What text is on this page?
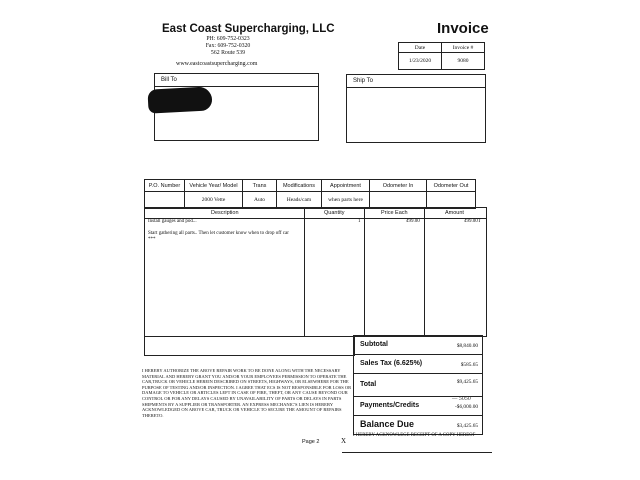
East Coast Supercharging, LLC
PH: 609-752-0323
Fax: 609-752-0320
562 Route 539
www.eastcoastsupercharging.com
Invoice
Date	Invoice #
1/23/2020	9080
Bill To	Ship To
P.O. Number	Vehicle Year/ Model	Trans	Modifications	Appointment	Odometer In	Odometer Out
	2000 Vette	Auto	Heads/cam	when parts here		
Description	Quantity	Price Each	Amount
Install gauges and pod...	1	499.00	499.00T
Start gathering all parts.. Then let customer know when to drop off car
***
I HEREBY AUTHORIZE THE ABOVE REPAIR WORK TO BE DONE ALONG WITH THE NECESSARY MATERIAL AND HEREBY GRANT YOU AND/OR YOUR EMPLOYEES PERMISSION TO OPERATE THE CAR,TRUCK OR VEHICLE HEREIN DESCRIBED ON STREETS, HIGHWAYS, OR ELSEWHERE FOR THE PURPOSE OF TESTING AND/OR INSPECTION. I AGREE THAT ECS IS NOT RESPONSIBLE FOR LOSS OR DAMAGE TO VEHICLE OR ARTICLES LEFT IN CASE OF FIRE, THEFT, OR ANY CAUSE BEYOND OUR CONTROL OR FOR ANY DELAYS CAUSED BY UNAVAILABILITY OF PARTS OR DELAYS IN PARTS SHIPMENTS BY A SUPPLIER OR TRANSPORTER. AN EXPRESS MECHANIC'S LIEN IS HEREBY ACKNOWLEDGED ON ABOVE CAR, TRUCK OR VEHICLE TO SECURE THE AMOUNT OF REPAIRS THERETO.
Subtotal	$8,840.00

Sales Tax (6.625%)	$585.65

Total	$9,425.65

Payments/Credits	-$6,000.00

Balance Due	$3,425.65
— 5050
Page 2
I HEREBY ACKNOWLEGE RECEIPT OF A COPY HEREOF
X
